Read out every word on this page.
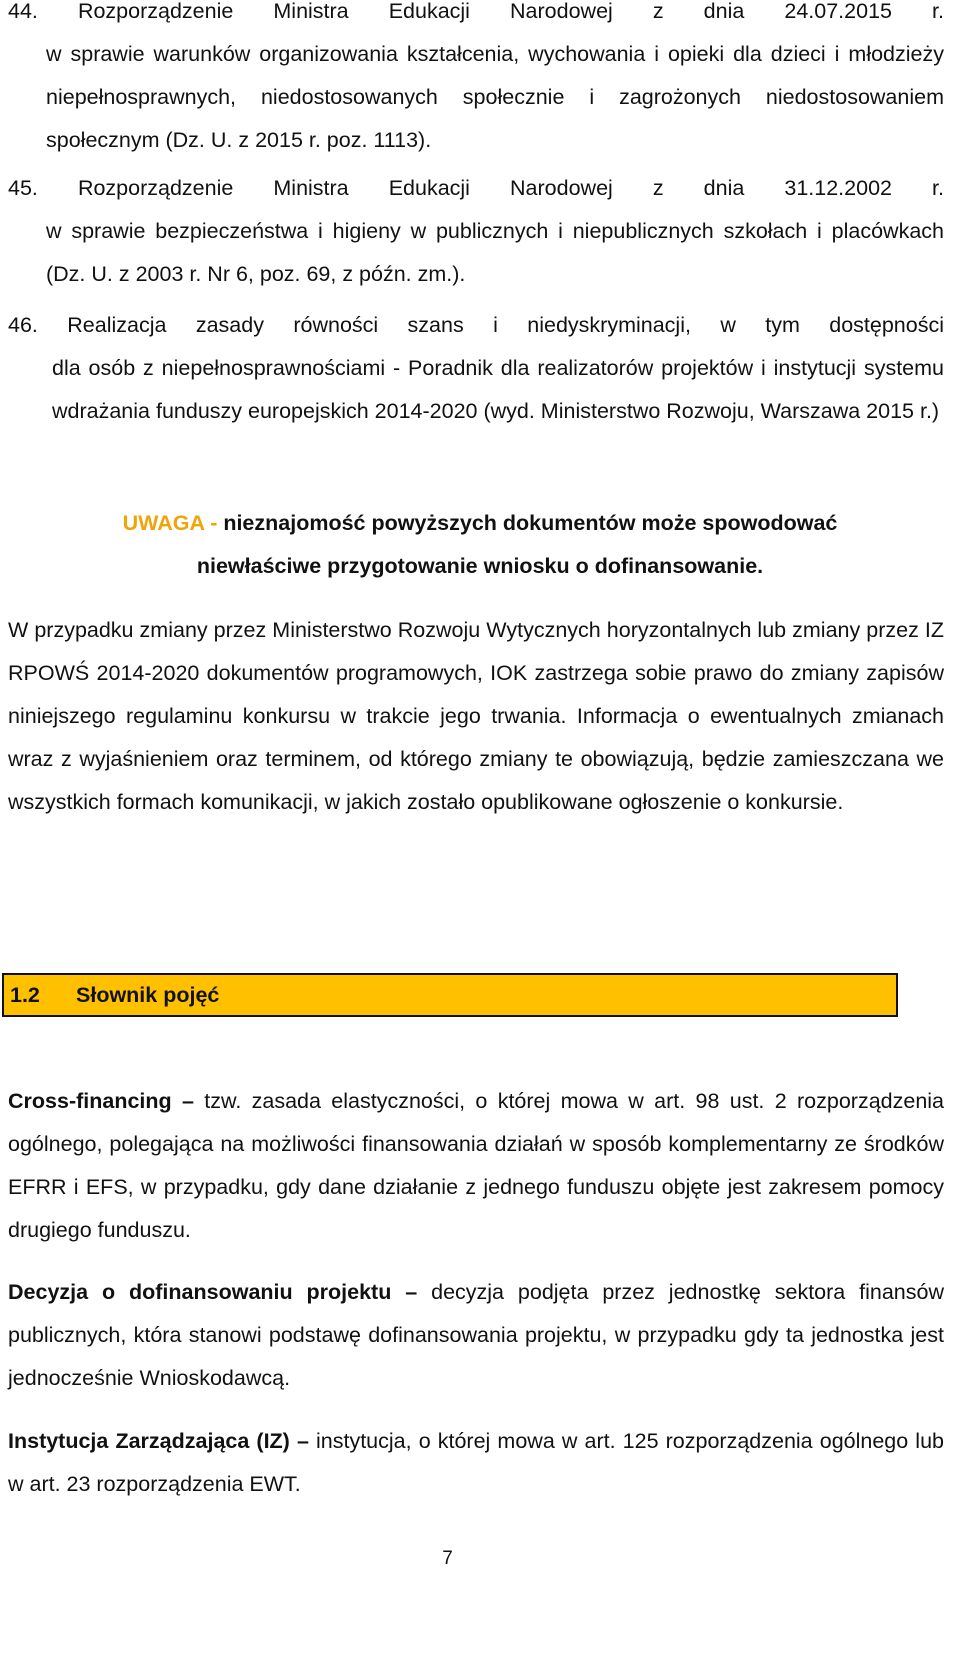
44. Rozporządzenie Ministra Edukacji Narodowej z dnia 24.07.2015 r.
w sprawie warunków organizowania kształcenia, wychowania i opieki dla dzieci i młodzieży niepełnosprawnych, niedostosowanych społecznie i zagrożonych niedostosowaniem społecznym (Dz. U. z 2015 r. poz. 1113).
45. Rozporządzenie Ministra Edukacji Narodowej z dnia 31.12.2002 r.
w sprawie bezpieczeństwa i higieny w publicznych i niepublicznych szkołach i placówkach (Dz. U. z 2003 r. Nr 6, poz. 69, z późn. zm.).
46. Realizacja zasady równości szans i niedyskryminacji, w tym dostępności
dla osób z niepełnosprawnościami - Poradnik dla realizatorów projektów i instytucji systemu wdrażania funduszy europejskich 2014-2020 (wyd. Ministerstwo Rozwoju, Warszawa 2015 r.)
UWAGA - nieznajomość powyższych dokumentów może spowodować
niewłaściwe przygotowanie wniosku o dofinansowanie.
W przypadku zmiany przez Ministerstwo Rozwoju Wytycznych horyzontalnych lub zmiany przez IZ RPOWŚ 2014-2020 dokumentów programowych, IOK zastrzega sobie prawo do zmiany zapisów niniejszego regulaminu konkursu w trakcie jego trwania. Informacja o ewentualnych zmianach wraz z wyjaśnieniem oraz terminem, od którego zmiany te obowiązują, będzie zamieszczana we wszystkich formach komunikacji, w jakich zostało opublikowane ogłoszenie o konkursie.
1.2	Słownik pojęć
Cross-financing – tzw. zasada elastyczności, o której mowa w art. 98 ust. 2 rozporządzenia ogólnego, polegająca na możliwości finansowania działań w sposób komplementarny ze środków EFRR i EFS, w przypadku, gdy dane działanie z jednego funduszu objęte jest zakresem pomocy drugiego funduszu.
Decyzja o dofinansowaniu projektu – decyzja podjęta przez jednostkę sektora finansów publicznych, która stanowi podstawę dofinansowania projektu, w przypadku gdy ta jednostka jest jednocześnie Wnioskodawcą.
Instytucja Zarządzająca (IZ) – instytucja, o której mowa w art. 125 rozporządzenia ogólnego lub w art. 23 rozporządzenia EWT.
7
